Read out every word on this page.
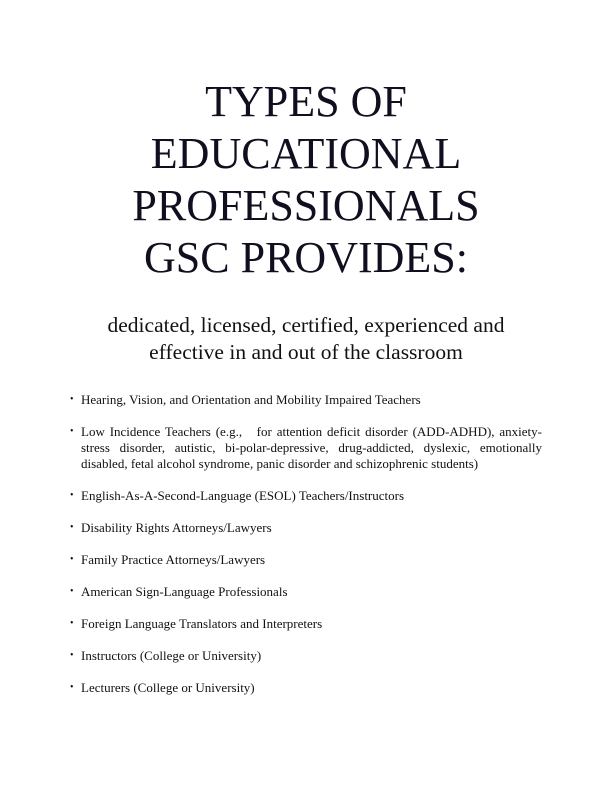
TYPES OF
EDUCATIONAL
PROFESSIONALS
GSC PROVIDES:
dedicated, licensed, certified, experienced and
effective in and out of the classroom
• Hearing, Vision, and Orientation and Mobility Impaired Teachers
• Low Incidence Teachers (e.g.,   for attention deficit disorder (ADD-ADHD), anxiety-stress disorder, autistic, bi-polar-depressive, drug-addicted, dyslexic, emotionally disabled, fetal alcohol syndrome, panic disorder and schizophrenic students)
• English-As-A-Second-Language (ESOL) Teachers/Instructors
• Disability Rights Attorneys/Lawyers
• Family Practice Attorneys/Lawyers
• American Sign-Language Professionals
• Foreign Language Translators and Interpreters
• Instructors (College or University)
• Lecturers (College or University)
